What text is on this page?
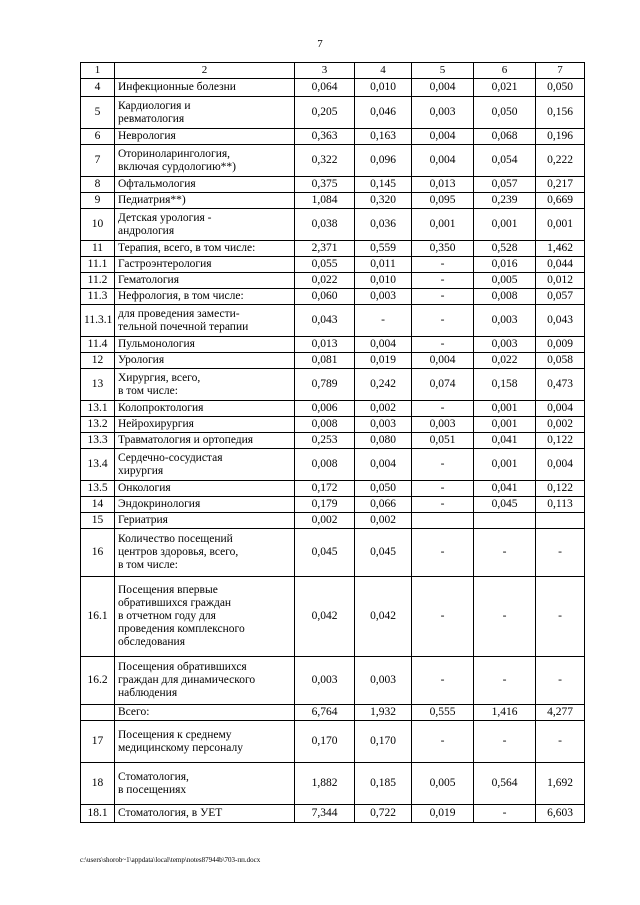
7
1	2	3	4	5	6	7
4	Инфекционные болезни	0,064	0,010	0,004	0,021	0,050
5	Кардиология и
ревматология	0,205	0,046	0,003	0,050	0,156
6	Неврология	0,363	0,163	0,004	0,068	0,196
7	Оториноларингология,
включая сурдологию**)	0,322	0,096	0,004	0,054	0,222
8	Офтальмология	0,375	0,145	0,013	0,057	0,217
9	Педиатрия**)	1,084	0,320	0,095	0,239	0,669
10	Детская урология -
андрология	0,038	0,036	0,001	0,001	0,001
11	Терапия, всего, в том числе:	2,371	0,559	0,350	0,528	1,462
11.1	Гастроэнтерология	0,055	0,011	-	0,016	0,044
11.2	Гематология	0,022	0,010	-	0,005	0,012
11.3	Нефрология, в том числе:	0,060	0,003	-	0,008	0,057
11.3.1	для проведения замести-
тельной почечной терапии	0,043	-	-	0,003	0,043
11.4	Пульмонология	0,013	0,004	-	0,003	0,009
12	Урология	0,081	0,019	0,004	0,022	0,058
13	Хирургия, всего,
в том числе:	0,789	0,242	0,074	0,158	0,473
13.1	Колопроктология	0,006	0,002	-	0,001	0,004
13.2	Нейрохирургия	0,008	0,003	0,003	0,001	0,002
13.3	Травматология и ортопедия	0,253	0,080	0,051	0,041	0,122
13.4	Сердечно-сосудистая
хирургия	0,008	0,004	-	0,001	0,004
13.5	Онкология	0,172	0,050	-	0,041	0,122
14	Эндокринология	0,179	0,066	-	0,045	0,113
15	Гериатрия	0,002	0,002			
16	Количество посещений
центров здоровья, всего,
в том числе:	0,045	0,045	-	-	-
16.1	Посещения впервые
обратившихся граждан
в отчетном году для
проведения комплексного
обследования	0,042	0,042	-	-	-
16.2	Посещения обратившихся
граждан для динамического
наблюдения	0,003	0,003	-	-	-

	Всего:	6,764	1,932	0,555	1,416	4,277
17	Посещения к среднему
медицинскому персоналу	0,170	0,170	-	-	-
18	Стоматология,
в посещениях	1,882	0,185	0,005	0,564	1,692
18.1	Стоматология, в УЕТ	7,344	0,722	0,019	-	6,603
c:\users\shorob~1\appdata\local\temp\notes87944b\703-пп.docx
